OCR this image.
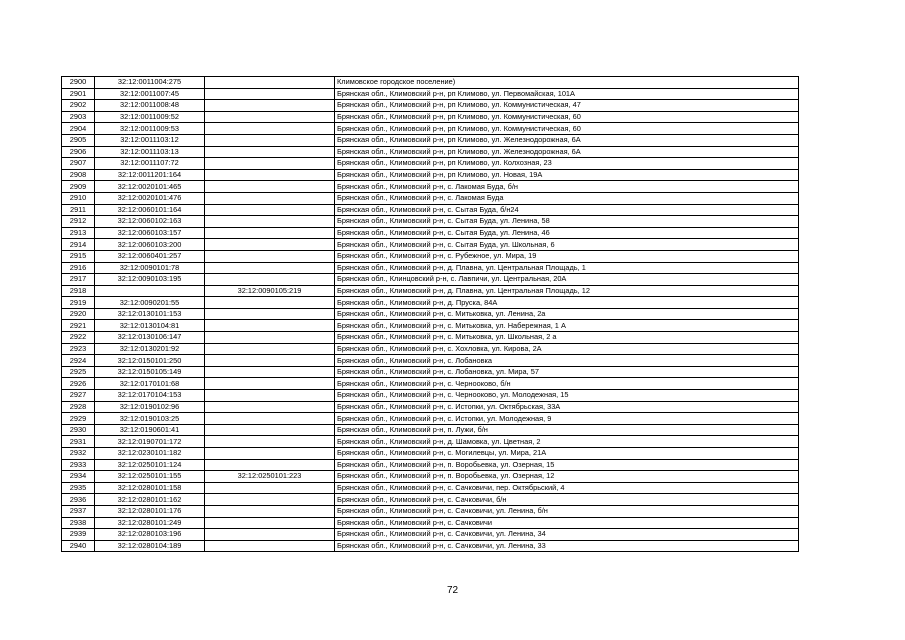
2900	32:12:0011004:275		Климовское городское поселение)
2901	32:12:0011007:45		Брянская обл., Климовский р-н, рп Климово, ул. Первомайская, 101А
2902	32:12:0011008:48		Брянская обл., Климовский р-н, рп Климово, ул. Коммунистическая, 47
2903	32:12:0011009:52		Брянская обл., Климовский р-н, рп Климово, ул. Коммунистическая, 60
2904	32:12:0011009:53		Брянская обл., Климовский р-н, рп Климово, ул. Коммунистическая, 60
2905	32:12:0011103:12		Брянская обл., Климовский р-н, рп Климово, ул. Железнодорожная, 6А
2906	32:12:0011103:13		Брянская обл., Климовский р-н, рп Климово, ул. Железнодорожная, 6А
2907	32:12:0011107:72		Брянская обл., Климовский р-н, рп Климово, ул. Колхозная, 23
2908	32:12:0011201:164		Брянская обл., Климовский р-н, рп Климово, ул. Новая, 19А
2909	32:12:0020101:465		Брянская обл., Климовский р-н, с. Лакомая Буда, б/н
2910	32:12:0020101:476		Брянская обл., Климовский р-н, с. Лакомая Буда
2911	32:12:0060101:164		Брянская обл., Климовский р-н, с. Сытая Буда, б/н24
2912	32:12:0060102:163		Брянская обл., Климовский р-н, с. Сытая Буда, ул. Ленина, 58
2913	32:12:0060103:157		Брянская обл., Климовский р-н, с. Сытая Буда, ул. Ленина, 46
2914	32:12:0060103:200		Брянская обл., Климовский р-н, с. Сытая Буда, ул. Школьная, 6
2915	32:12:0060401:257		Брянская обл., Климовский р-н, с. Рубежное, ул. Мира, 19
2916	32:12:0090101:78		Брянская обл., Климовский р-н, д. Плавна, ул. Центральная Площадь, 1
2917	32:12:0090103:195		Брянская обл., Клинцовский р-н, с. Лавпичи, ул. Центральная, 20А
2918		32:12:0090105:219	Брянская обл., Климовский р-н, д. Плавна, ул. Центральная Площадь, 12
2919	32:12:0090201:55		Брянская обл., Климовский р-н, д. Пруска, 84А
2920	32:12:0130101:153		Брянская обл., Климовский р-н, с. Митьковка, ул. Ленина, 2а
2921	32:12:0130104:81		Брянская обл., Климовский р-н, с. Митьковка, ул. Набережная, 1 А
2922	32:12:0130106:147		Брянская обл., Климовский р-н, с. Митьковка, ул. Школьная, 2 а
2923	32:12:0130201:92		Брянская обл., Климовский р-н, с. Хохловка, ул. Кирова, 2А
2924	32:12:0150101:250		Брянская обл., Климовский р-н, с. Лобановка
2925	32:12:0150105:149		Брянская обл., Климовский р-н, с. Лобановка, ул. Мира, 57
2926	32:12:0170101:68		Брянская обл., Климовский р-н, с. Чернооково, б/н
2927	32:12:0170104:153		Брянская обл., Климовский р-н, с. Чернооково, ул. Молодежная, 15
2928	32:12:0190102:96		Брянская обл., Климовский р-н, с. Истопки, ул. Октябрьская, 33А
2929	32:12:0190103:25		Брянская обл., Климовский р-н, с. Истопки, ул. Молодежная, 9
2930	32:12:0190601:41		Брянская обл., Климовский р-н, п. Лужи, б/н
2931	32:12:0190701:172		Брянская обл., Климовский р-н, д. Шамовка, ул. Цветная, 2
2932	32:12:0230101:182		Брянская обл., Климовский р-н, с. Могилевцы, ул. Мира, 21А
2933	32:12:0250101:124		Брянская обл., Климовский р-н, п. Воробьевка, ул. Озерная, 15
2934	32:12:0250101:155	32:12:0250101:223	Брянская обл., Климовский р-н, п. Воробьевка, ул. Озерная, 12
2935	32:12:0280101:158		Брянская обл., Климовский р-н, с. Сачковичи, пер. Октябрьский, 4
2936	32:12:0280101:162		Брянская обл., Климовский р-н, с. Сачковичи, б/н
2937	32:12:0280101:176		Брянская обл., Климовский р-н, с. Сачковичи, ул. Ленина, б/н
2938	32:12:0280101:249		Брянская обл., Климовский р-н, с. Сачковичи
2939	32:12:0280103:196		Брянская обл., Климовский р-н, с. Сачковичи, ул. Ленина, 34
2940	32:12:0280104:189		Брянская обл., Климовский р-н, с. Сачковичи, ул. Ленина, 33
72
